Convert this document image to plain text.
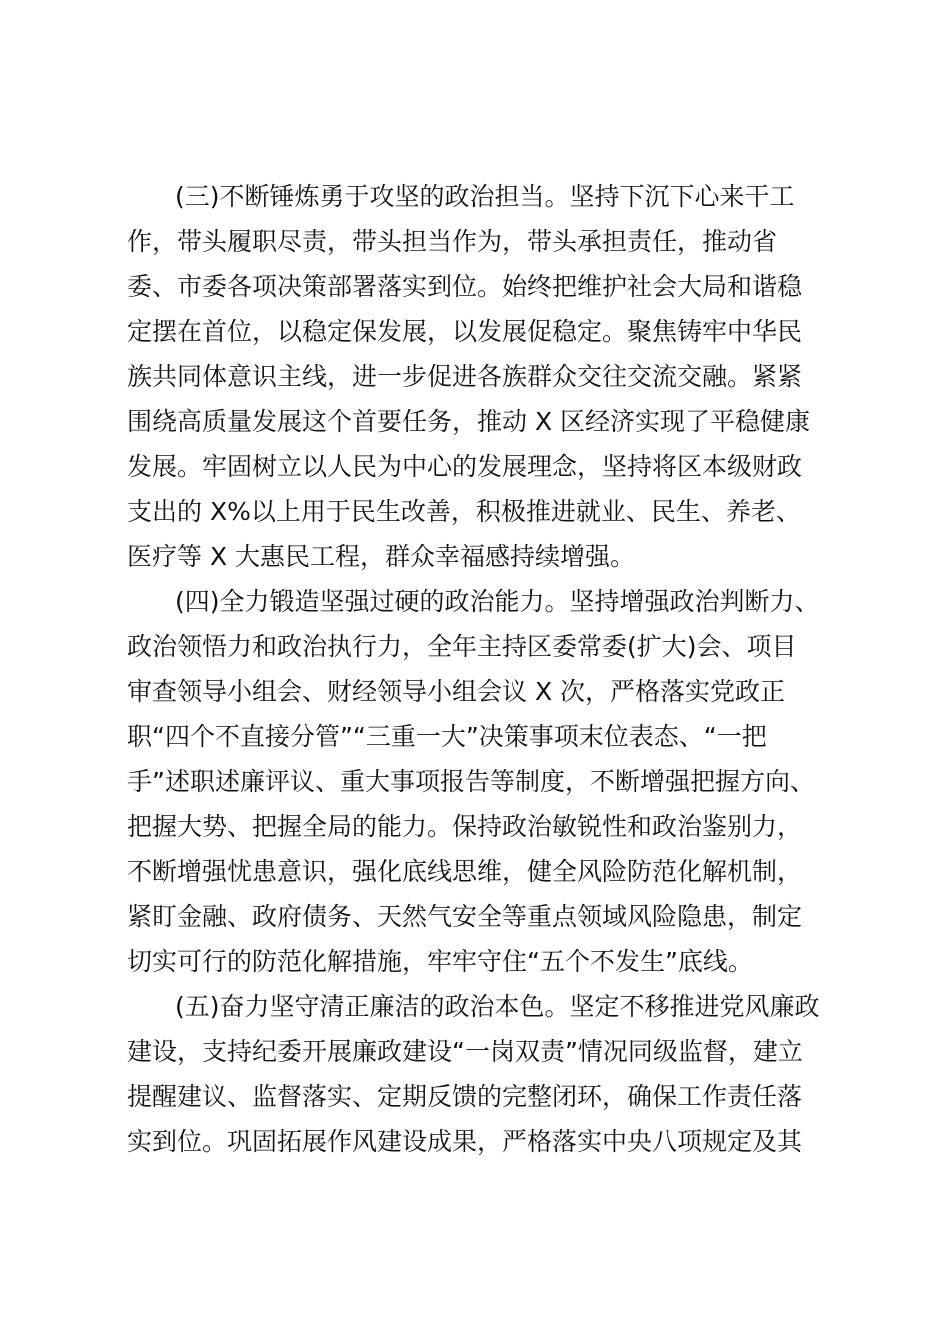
(三)不断锤炼勇于攻坚的政治担当。坚持下沉下心来干工
作，带头履职尽责，带头担当作为，带头承担责任，推动省
委、市委各项决策部署落实到位。始终把维护社会大局和谐稳
定摆在首位，以稳定保发展，以发展促稳定。聚焦铸牢中华民
族共同体意识主线，进一步促进各族群众交往交流交融。紧紧
围绕高质量发展这个首要任务，推动 X 区经济实现了平稳健康
发展。牢固树立以人民为中心的发展理念，坚持将区本级财政
支出的 X%以上用于民生改善，积极推进就业、民生、养老、
医疗等 X 大惠民工程，群众幸福感持续增强。
(四)全力锻造坚强过硬的政治能力。坚持增强政治判断力、
政治领悟力和政治执行力，全年主持区委常委(扩大)会、项目
审查领导小组会、财经领导小组会议 X 次，严格落实党政正
职“四个不直接分管”“三重一大”决策事项末位表态、“一把
手”述职述廉评议、重大事项报告等制度，不断增强把握方向、
把握大势、把握全局的能力。保持政治敏锐性和政治鉴别力，
不断增强忧患意识，强化底线思维，健全风险防范化解机制，
紧盯金融、政府债务、天然气安全等重点领域风险隐患，制定
切实可行的防范化解措施，牢牢守住“五个不发生”底线。
(五)奋力坚守清正廉洁的政治本色。坚定不移推进党风廉政
建设，支持纪委开展廉政建设“一岗双责”情况同级监督，建立
提醒建议、监督落实、定期反馈的完整闭环，确保工作责任落
实到位。巩固拓展作风建设成果，严格落实中央八项规定及其
